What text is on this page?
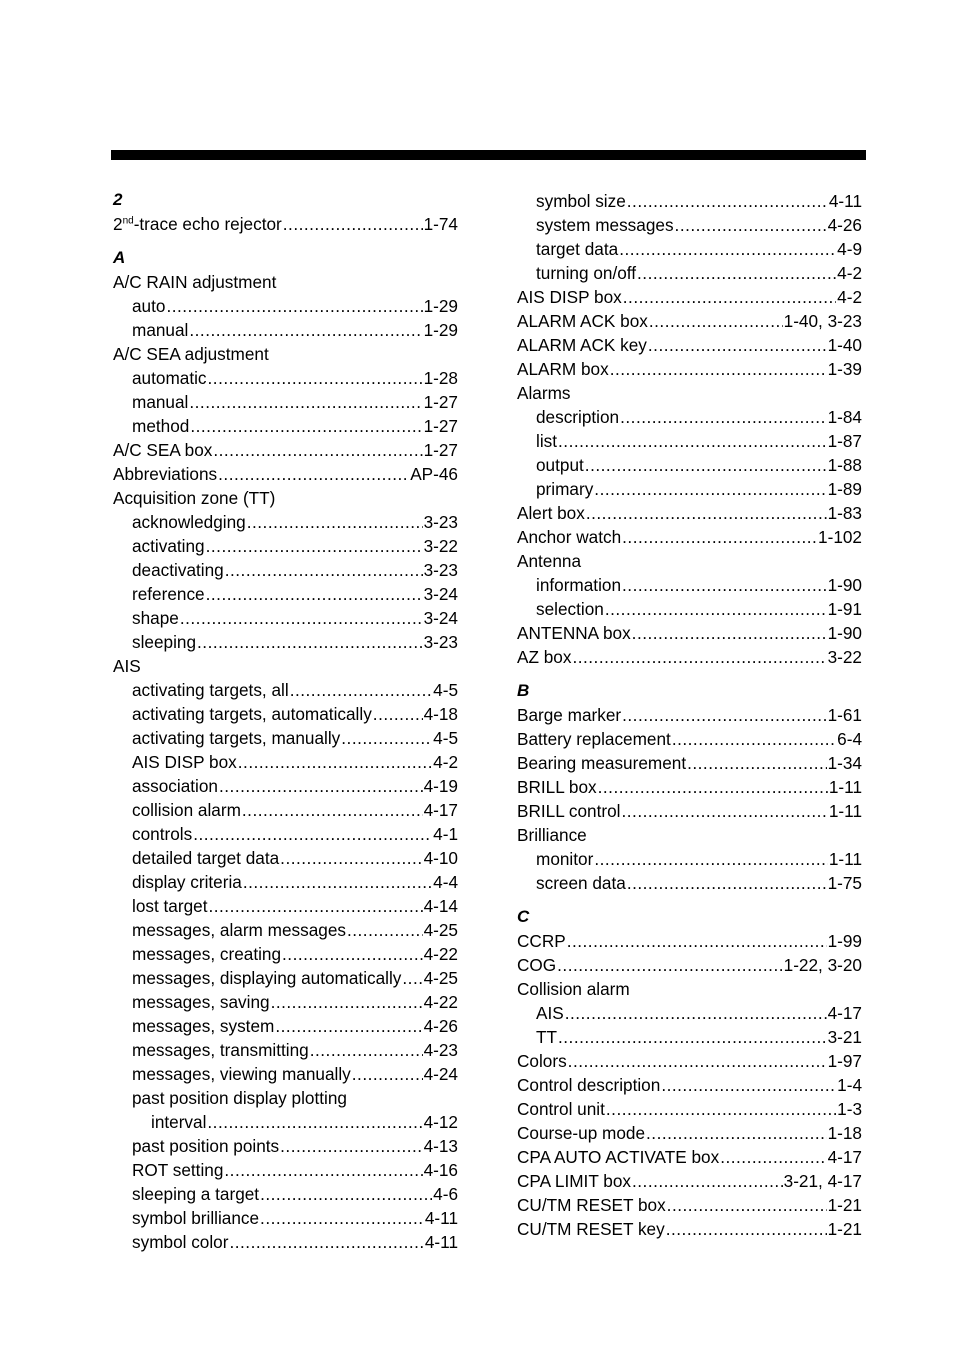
2
2nd-trace echo rejector .....	1-74
A
A/C RAIN adjustment
auto .....	1-29
manual .....	1-29
A/C SEA adjustment
automatic .....	1-28
manual .....	1-27
method .....	1-27
A/C SEA box .....	1-27
Abbreviations .....	AP-46
Acquisition zone (TT)
acknowledging .....	3-23
activating .....	3-22
deactivating .....	3-23
reference .....	3-24
shape .....	3-24
sleeping .....	3-23
AIS
activating targets, all .....	4-5
activating targets, automatically .....	4-18
activating targets, manually .....	4-5
AIS DISP box .....	4-2
association .....	4-19
collision alarm .....	4-17
controls .....	4-1
detailed target data .....	4-10
display criteria .....	4-4
lost target .....	4-14
messages, alarm messages .....	4-25
messages, creating .....	4-22
messages, displaying automatically ..... 4-25
messages, saving .....	4-22
messages, system .....	4-26
messages, transmitting .....	4-23
messages, viewing manually .....	4-24
past position display plotting
interval .....	4-12
past position points .....	4-13
ROT setting .....	4-16
sleeping a target .....	4-6
symbol brilliance .....	4-11
symbol color .....	4-11
symbol size .....	4-11
system messages .....	4-26
target data .....	4-9
turning on/off .....	4-2
AIS DISP box .....	4-2
ALARM ACK box .....	1-40, 3-23
ALARM ACK key .....	1-40
ALARM box .....	1-39
Alarms
description .....	1-84
list .....	1-87
output .....	1-88
primary .....	1-89
Alert box .....	1-83
Anchor watch .....	1-102
Antenna
information .....	1-90
selection .....	1-91
ANTENNA box .....	1-90
AZ box .....	3-22
B
Barge marker .....	1-61
Battery replacement .....	6-4
Bearing measurement .....	1-34
BRILL box .....	1-11
BRILL control .....	1-11
Brilliance
monitor .....	1-11
screen data .....	1-75
C
CCRP .....	1-99
COG .....	1-22, 3-20
Collision alarm
AIS .....	4-17
TT .....	3-21
Colors .....	1-97
Control description .....	1-4
Control unit .....	1-3
Course-up mode .....	1-18
CPA AUTO ACTIVATE box .....	4-17
CPA LIMIT box .....	3-21, 4-17
CU/TM RESET box .....	1-21
CU/TM RESET key .....	1-21
